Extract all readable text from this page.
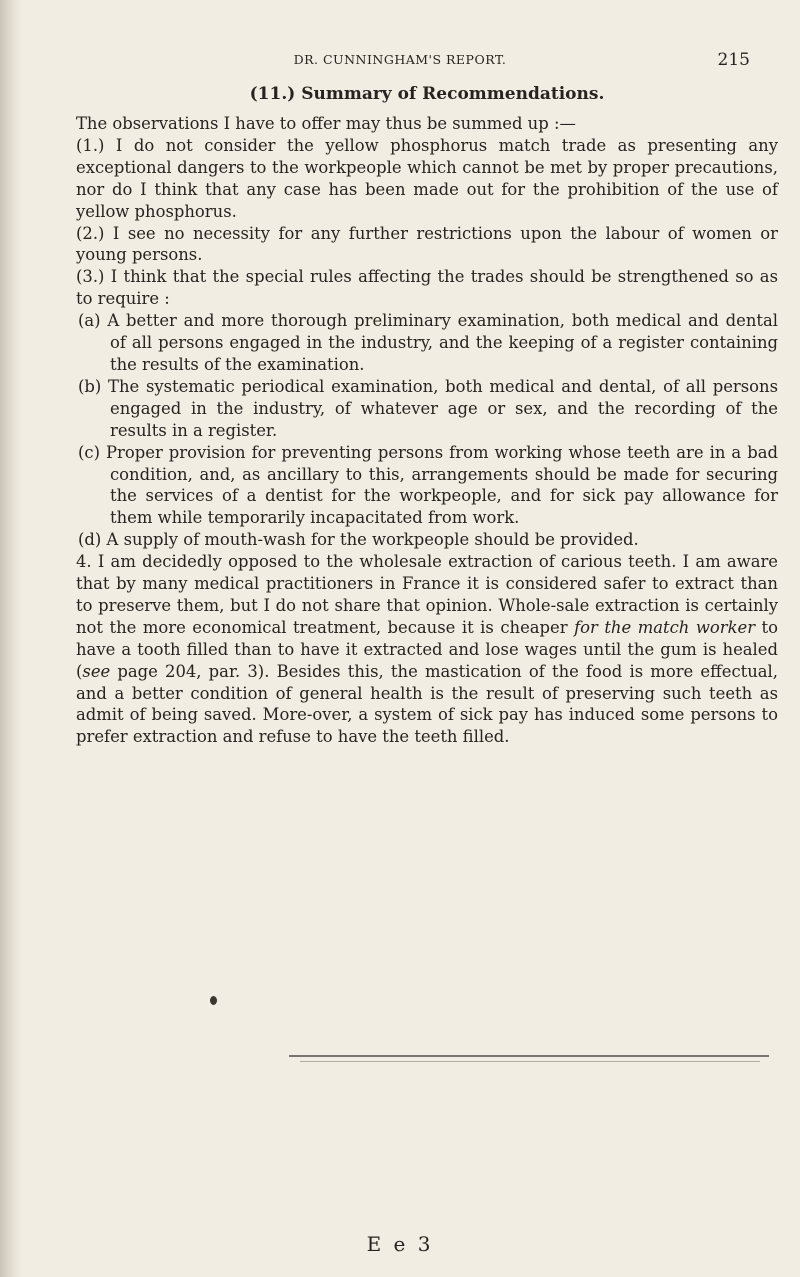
DR. CUNNINGHAM'S REPORT.	215
(11.) Summary of Recommendations.

The observations I have to offer may thus be summed up :—

(1.) I do not consider the yellow phosphorus match trade as presenting any exceptional dangers to the workpeople which cannot be met by proper precautions, nor do I think that any case has been made out for the prohibition of the use of yellow phosphorus.

(2.) I see no necessity for any further restrictions upon the labour of women or young persons.

(3.) I think that the special rules affecting the trades should be strengthened so as to require :

(a) A better and more thorough preliminary examination, both medical and dental of all persons engaged in the industry, and the keeping of a register containing the results of the examination.

(b) The systematic periodical examination, both medical and dental, of all persons engaged in the industry, of whatever age or sex, and the recording of the results in a register.

(c) Proper provision for preventing persons from working whose teeth are in a bad condition, and, as ancillary to this, arrangements should be made for securing the services of a dentist for the workpeople, and for sick pay allowance for them while temporarily incapacitated from work.

(d) A supply of mouth-wash for the workpeople should be provided.

4. I am decidedly opposed to the wholesale extraction of carious teeth. I am aware that by many medical practitioners in France it is considered safer to extract than to preserve them, but I do not share that opinion. Whole-sale extraction is certainly not the more economical treatment, because it is cheaper for the match worker to have a tooth filled than to have it extracted and lose wages until the gum is healed (see page 204, par. 3). Besides this, the mastication of the food is more effectual, and a better condition of general health is the result of preserving such teeth as admit of being saved. More-over, a system of sick pay has induced some persons to prefer extraction and refuse to have the teeth filled.

E e 3
